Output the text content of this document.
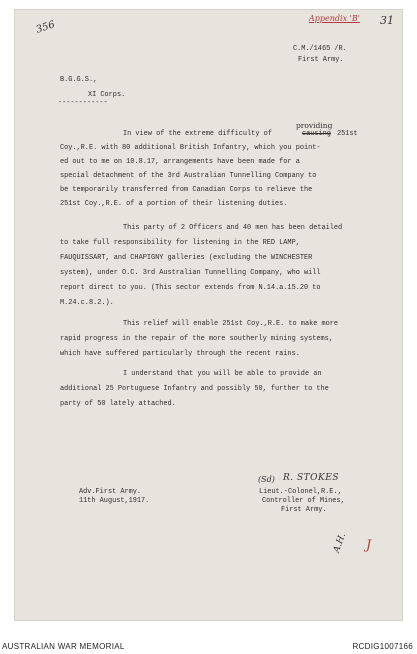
Appendix 'B' 31
356
C.M./1465 /R.
First Army.
B.G.G.S.,
XI Corps.
------------
providing
In view of the extreme difficulty of	causing 251st
Coy.,R.E. with 80 additional British Infantry, which you point-
ed out to me on 10.8.17, arrangements have been made for a
special detachment of the 3rd Australian Tunnelling Company to
be temporarily transferred from Canadian Corps to relieve the
251st Coy.,R.E. of a portion of their listening duties.
This party of 2 Officers and 40 men has been detailed
to take full responsibility for listening in the RED LAMP,
FAUQUISSART, and CHAPIGNY galleries (excluding the WINCHESTER
system), under O.C. 3rd Australian Tunnelling Company, who will
report direct to you. (This sector extends from N.14.a.15.20 to
M.24.c.8.2.).
This relief will enable 251st Coy.,R.E. to make more
rapid progress in the repair of the more southerly mining systems,
which have suffered particularly through the recent rains.
I understand that you will be able to provide an
additional 25 Portuguese Infantry and possibly 50, further to the
party of 50 lately attached.
(Sd) R. STOKES
Adv.First Army.
11th August,1917.
Lieut.-Colonel,R.E.,
Controller of Mines,
First Army.
A.H. J
AUSTRALIAN WAR MEMORIAL	RCDIG1007166
